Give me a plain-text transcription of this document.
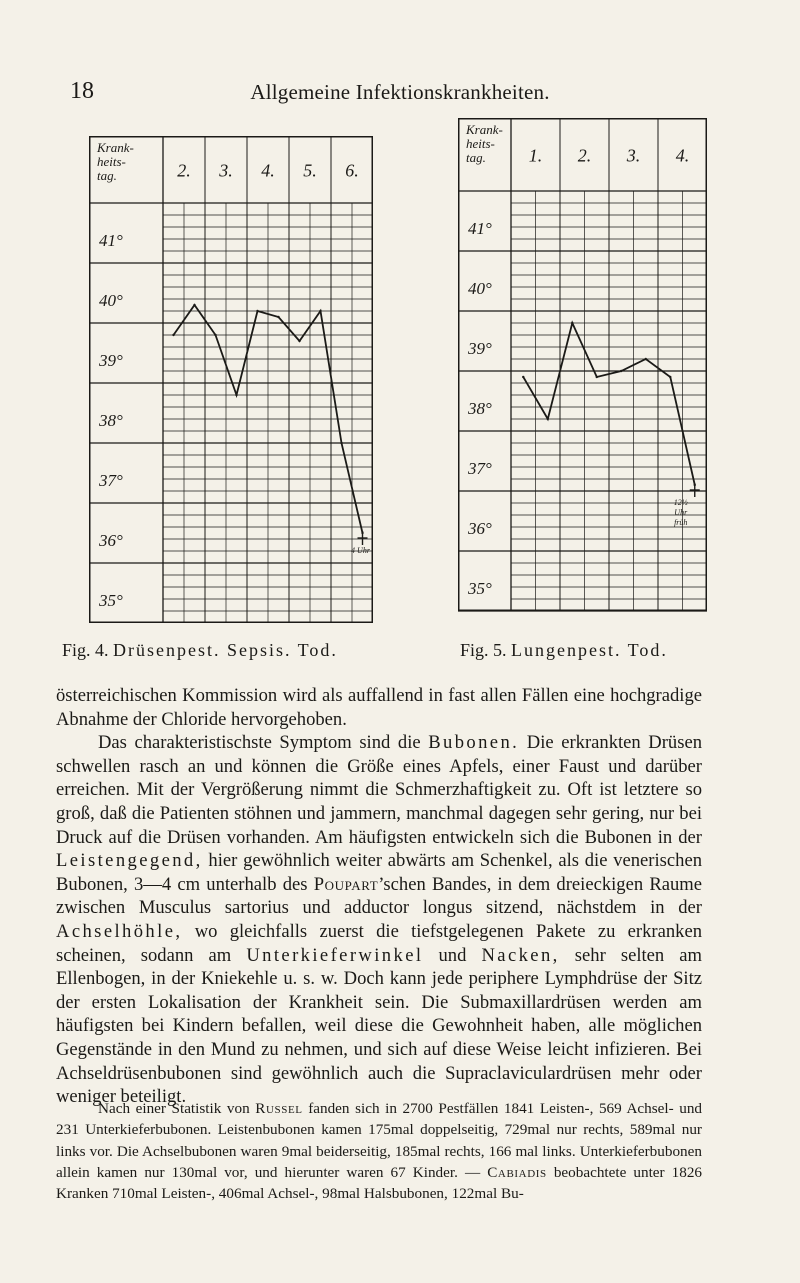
18	Allgemeine Infektionskrankheiten.
Krank-
heits-
tag.	2. 3. 4. 5. 6.
41°
40°
39°
38°
37°
36°
35°
4 Uhr
Fig. 4. Drüsenpest. Sepsis. Tod.
Krank-
heits-
tag. 1. 2. 3. 4.
41°
40°
39°
38°
37°
36°
35°
12½
Uhr
früh
Fig. 5. Lungenpest. Tod.

österreichischen Kommission wird als auffallend in fast allen Fällen eine hochgradige Abnahme der Chloride hervorgehoben.

Das charakteristischste Symptom sind die Bubonen. Die erkrankten Drüsen schwellen rasch an und können die Größe eines Apfels, einer Faust und darüber erreichen. Mit der Vergrößerung nimmt die Schmerzhaftigkeit zu. Oft ist letztere so groß, daß die Patienten stöhnen und jammern, manchmal dagegen sehr gering, nur bei Druck auf die Drüsen vorhanden. Am häufigsten entwickeln sich die Bubonen in der Leistengegend, hier gewöhnlich weiter abwärts am Schenkel, als die venerischen Bubonen, 3—4 cm unterhalb des Poupart’schen Bandes, in dem dreieckigen Raume zwischen Musculus sartorius und adductor longus sitzend, nächstdem in der Achselhöhle, wo gleichfalls zuerst die tiefstgelegenen Pakete zu erkranken scheinen, sodann am Unterkieferwinkel und Nacken, sehr selten am Ellenbogen, in der Kniekehle u. s. w. Doch kann jede periphere Lymphdrüse der Sitz der ersten Lokalisation der Krankheit sein. Die Submaxillardrüsen werden am häufigsten bei Kindern befallen, weil diese die Gewohnheit haben, alle möglichen Gegenstände in den Mund zu nehmen, und sich auf diese Weise leicht infizieren. Bei Achseldrüsenbubonen sind gewöhnlich auch die Supraclaviculardrüsen mehr oder weniger beteiligt.

Nach einer Statistik von Russel fanden sich in 2700 Pestfällen 1841 Leisten-, 569 Achsel- und 231 Unterkieferbubonen. Leistenbubonen kamen 175mal doppelseitig, 729mal nur rechts, 589mal nur links vor. Die Achselbubonen waren 9mal beiderseitig, 185mal rechts, 166 mal links. Unterkieferbubonen allein kamen nur 130mal vor, und hierunter waren 67 Kinder. — Cabiadis beobachtete unter 1826 Kranken 710mal Leisten-, 406mal Achsel-, 98mal Halsbubonen, 122mal Bu-
